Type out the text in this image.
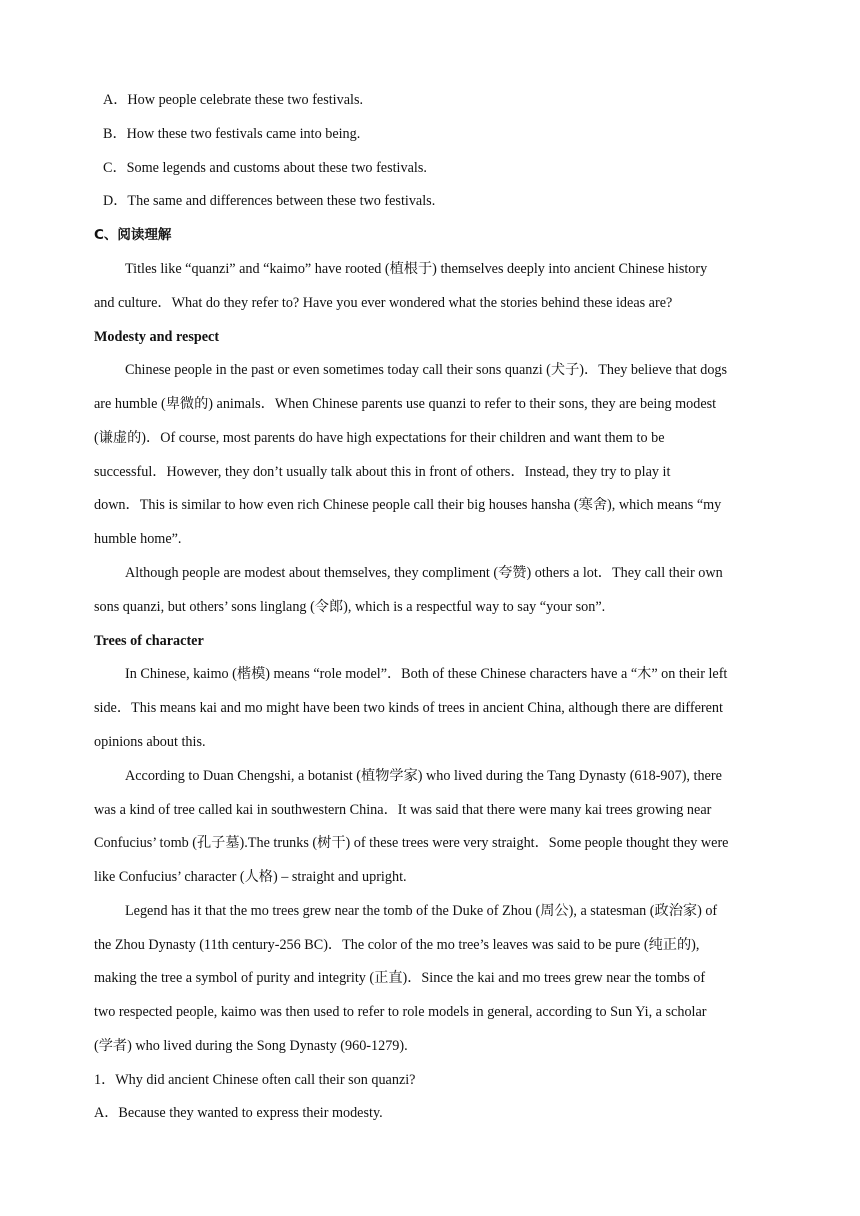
A．How people celebrate these two festivals.
B．How these two festivals came into being.
C．Some legends and customs about these two festivals.
D．The same and differences between these two festivals.
C、阅读理解
Titles like “quanzi” and “kaimo” have rooted (植根于) themselves deeply into ancient Chinese history
and culture．What do they refer to? Have you ever wondered what the stories behind these ideas are?
Modesty and respect
Chinese people in the past or even sometimes today call their sons quanzi (犬子)．They believe that dogs
are humble (卑微的) animals．When Chinese parents use quanzi to refer to their sons, they are being modest
(谦虚的)．Of course, most parents do have high expectations for their children and want them to be
successful．However, they don’t usually talk about this in front of others．Instead, they try to play it
down．This is similar to how even rich Chinese people call their big houses hansha (寒舍), which means “my
humble home”.
Although people are modest about themselves, they compliment (夸赞) others a lot．They call their own
sons quanzi, but others’ sons linglang (令郎), which is a respectful way to say “your son”.
Trees of character
In Chinese, kaimo (楷模) means “role model”．Both of these Chinese characters have a “木” on their left
side．This means kai and mo might have been two kinds of trees in ancient China, although there are different
opinions about this.
According to Duan Chengshi, a botanist (植物学家) who lived during the Tang Dynasty (618-907), there
was a kind of tree called kai in southwestern China．It was said that there were many kai trees growing near
Confucius’ tomb (孔子墓).The trunks (树干) of these trees were very straight．Some people thought they were
like Confucius’ character (人格) – straight and upright.
Legend has it that the mo trees grew near the tomb of the Duke of Zhou (周公), a statesman (政治家) of
the Zhou Dynasty (11th century-256 BC)．The color of the mo tree’s leaves was said to be pure (纯正的),
making the tree a symbol of purity and integrity (正直)．Since the kai and mo trees grew near the tombs of
two respected people, kaimo was then used to refer to role models in general, according to Sun Yi, a scholar
(学者) who lived during the Song Dynasty (960-1279).
1．Why did ancient Chinese often call their son quanzi?
A．Because they wanted to express their modesty.
